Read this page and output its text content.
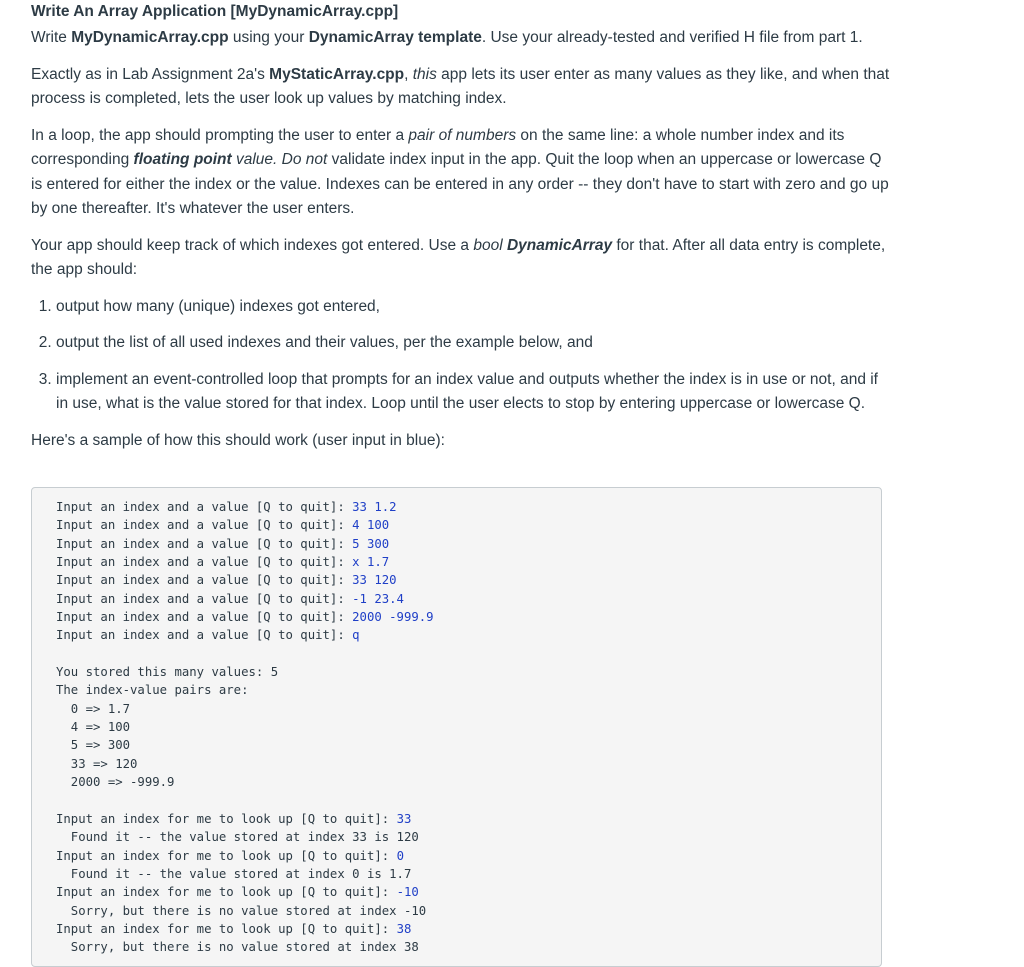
Write An Array Application [MyDynamicArray.cpp]

Write MyDynamicArray.cpp using your DynamicArray template. Use your already-tested and verified H file from part 1.

Exactly as in Lab Assignment 2a's MyStaticArray.cpp, this app lets its user enter as many values as they like, and when that process is completed, lets the user look up values by matching index.

In a loop, the app should prompting the user to enter a pair of numbers on the same line: a whole number index and its corresponding floating point value. Do not validate index input in the app. Quit the loop when an uppercase or lowercase Q is entered for either the index or the value. Indexes can be entered in any order -- they don't have to start with zero and go up by one thereafter. It's whatever the user enters.

Your app should keep track of which indexes got entered. Use a bool DynamicArray for that. After all data entry is complete, the app should:

1. output how many (unique) indexes got entered,
2. output the list of all used indexes and their values, per the example below, and
3. implement an event-controlled loop that prompts for an index value and outputs whether the index is in use or not, and if in use, what is the value stored for that index. Loop until the user elects to stop by entering uppercase or lowercase Q.

Here's a sample of how this should work (user input in blue):

Input an index and a value [Q to quit]: 33 1.2
Input an index and a value [Q to quit]: 4 100
Input an index and a value [Q to quit]: 5 300
Input an index and a value [Q to quit]: x 1.7
Input an index and a value [Q to quit]: 33 120
Input an index and a value [Q to quit]: -1 23.4
Input an index and a value [Q to quit]: 2000 -999.9
Input an index and a value [Q to quit]: q

You stored this many values: 5
The index-value pairs are:
0 => 1.7
4 => 100
5 => 300
33 => 120
2000 => -999.9

Input an index for me to look up [Q to quit]: 33
Found it -- the value stored at index 33 is 120
Input an index for me to look up [Q to quit]: 0
Found it -- the value stored at index 0 is 1.7
Input an index for me to look up [Q to quit]: -10
Sorry, but there is no value stored at index -10
Input an index for me to look up [Q to quit]: 38
Sorry, but there is no value stored at index 38
